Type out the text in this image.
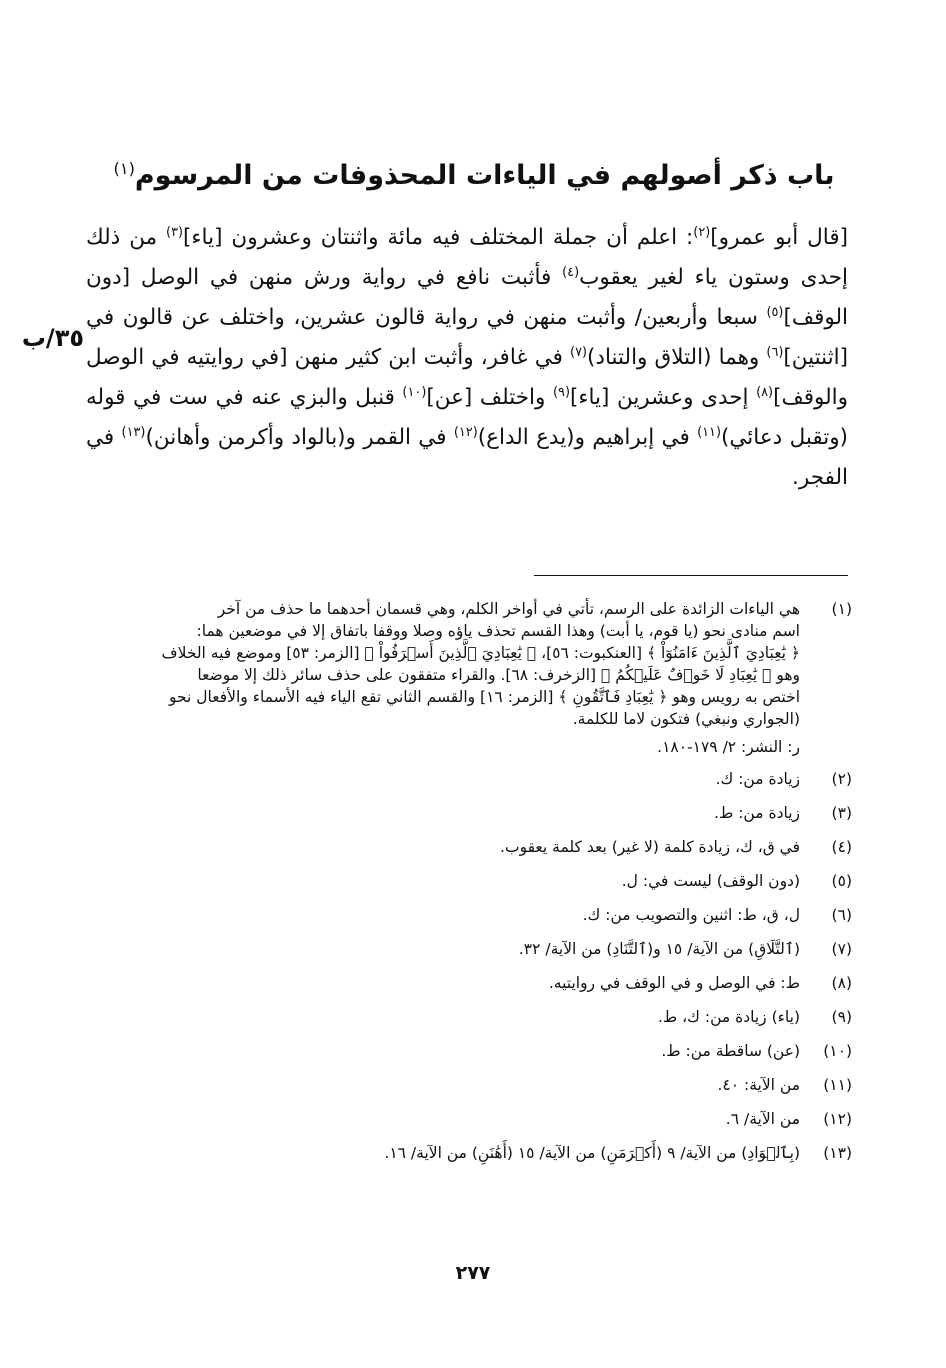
باب ذكر أصولهم في الياءات المحذوفات من المرسوم$^{(١)}$
٣٥/ب

[قال أبو عمرو]$^{(٢)}$: اعلم أن جملة المختلف فيه مائة واثنتان وعشرون [ياء]$^{(٣)}$ من ذلك إحدى وستون ياء لغير يعقوب$^{(٤)}$ فأثبت نافع في رواية ورش منهن في الوصل [دون الوقف]$^{(٥)}$ سبعا وأربعين/ وأثبت منهن في رواية قالون عشرين، واختلف عن قالون في [اثنتين]$^{(٦)}$ وهما (التلاق والتناد)$^{(٧)}$ في غافر، وأثبت ابن كثير منهن [في روايتيه في الوصل والوقف]$^{(٨)}$ إحدى وعشرين [ياء]$^{(٩)}$ واختلف [عن]$^{(١٠)}$ قنبل والبزي عنه في ست في قوله (وتقبل دعائي)$^{(١١)}$ في إبراهيم و(يدع الداع)$^{(١٢)}$ في القمر و(بالواد وأكرمن وأهانن)$^{(١٣)}$ في الفجر.

(١)
هي الياءات الزائدة على الرسم، تأتي في أواخر الكلم، وهي قسمان أحدهما ما حذف من آخر
اسم منادى نحو (يا قوم، يا أبت) وهذا القسم تحذف ياؤه وصلا ووقفا باتفاق إلا في موضعين هما:
﴿ يَٰعِبَادِيَ ٱلَّذِينَ ءَامَنُوٓاْ ﴾ [العنكبوت: ٥٦]، ﴿ يَٰعِبَادِيَ ٱلَّذِينَ أَسۡرَفُواْ ﴾ [الزمر: ٥٣] وموضع فيه الخلاف
وهو ﴿ يَٰعِبَادِ لَا خَوۡفٌ عَلَيۡكُمُ ﴾ [الزخرف: ٦٨]. والقراء متفقون على حذف سائر ذلك إلا موضعا
اختص به رويس وهو ﴿ يَٰعِبَادِ فَٱتَّقُونِ ﴾ [الزمر: ١٦] والقسم الثاني تقع الياء فيه الأسماء والأفعال نحو
(الجواري ونبغي) فتكون لاما للكلمة.
ر: النشر: ٢/ ١٧٩-١٨٠.
(٢)
زيادة من: ك.
(٣)
زيادة من: ط.
(٤)
في ق، ك، زيادة كلمة (لا غير) بعد كلمة يعقوب.
(٥)
(دون الوقف) ليست في: ل.
(٦)
ل، ق، ط: اثنين والتصويب من: ك.
(٧)
(ٱلتَّلَاقِ) من الآية/ ١٥ و(ٱلتَّنَادِ) من الآية/ ٣٢.
(٨)
ط: في الوصل و في الوقف في روايتيه.
(٩)
(ياء) زيادة من: ك، ط.
(١٠)
(عن) ساقطة من: ط.
(١١)
من الآية: ٤٠.
(١٢)
من الآية/ ٦.
(١٣)
(بِٱلۡوَادِ) من الآية/ ٩ (أَكۡرَمَنِ) من الآية/ ١٥ (أَهَٰنَنِ) من الآية/ ١٦.
٢٧٧
